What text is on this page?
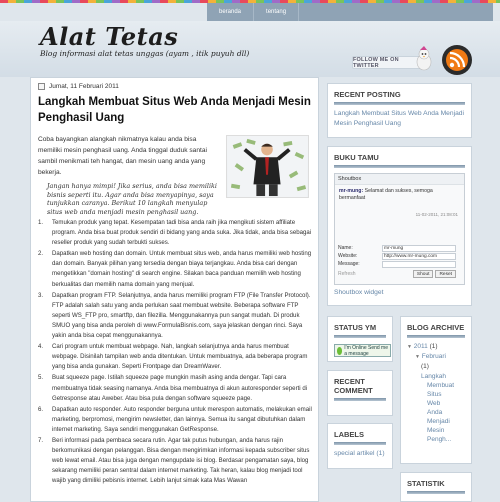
beranda	tentang
Alat Tetas
Blog informasi alat tetas unggas (ayam , itik puyuh dll)
FOLLOW ME ON TWITTER
Jumat, 11 Februari 2011
Langkah Membuat Situs Web Anda Menjadi Mesin Penghasil Uang
Coba bayangkan alangkah nikmatnya kalau anda bisa memiliki mesin penghasil uang. Anda tinggal duduk santai sambil menikmati teh hangat, dan mesin uang anda yang bekerja.
Jangan hanya mimpi! Jika serius, anda bisa memiliki bisnis seperti itu. Agar anda bisa menyapinya, saya tunjukkan caranya. Berikut 10 langkah menyulap situs web anda menjadi mesin penghasil uang.
1.	Temukan produk yang tepat. Kesempatan tadi bisa anda raih jika mengikuti sistem affiliate program. Anda bisa buat produk sendiri di bidang yang anda suka. Jika tidak, anda bisa sebagai reseller produk yang sudah terbukti sukses.
2.	Dapatkan web hosting dan domain. Untuk membuat situs web, anda harus memiliki web hosting dan domain. Banyak pilihan yang tersedia dengan biaya terjangkau. Anda bisa cari dengan mengetikkan "domain hosting" di search engine. Silakan baca panduan memilih web hosting berkualitas dan memilih nama domain yang menjual.
3.	Dapatkan program FTP. Selanjutnya, anda harus memiliki program FTP (File Transfer Protocol). FTP adalah salah satu yang anda perlukan saat membuat website. Beberapa software FTP seperti WS_FTP pro, smartftp, dan filezilla. Menggunakannya pun sangat mudah. Di produk SMUO yang bisa anda peroleh di www.FormulaBisnis.com, saya jelaskan dengan rinci. Saya yakin anda bisa cepat menggunakannya.
4.	Cari program untuk membuat webpage. Nah, langkah selanjutnya anda harus membuat webpage. Disinilah tampilan web anda ditentukan. Untuk membuatnya, ada beberapa program yang bisa anda gunakan. Seperti Frontpage dan DreamWaver.
5.	Buat squeeze page. Istilah squeeze page mungkin masih asing anda dengar. Tapi cara membuatnya tidak seasing namanya. Anda bisa membuatnya di akun autoresponder seperti di Getresponse atau Aweber. Atau bisa pula dengan software squeeze page.
6.	Dapatkan auto responder. Auto responder berguna untuk merespon automatis, melakukan email marketing, berpromosi, mengirim newsletter, dan lainnya. Semua itu sangat dibutuhkan dalam internet marketing. Saya sendiri menggunakan GetResponse.
7.	Beri informasi pada pembaca secara rutin. Agar tak putus hubungan, anda harus rajin berkomunikasi dengan pelanggan. Bisa dengan mengirimkan informasi kepada subscriber situs web lewat email. Atau bisa juga dengan mengupdate isi blog. Berdasar pengamatan saya, blog sekarang memiliki peran sentral dalam internet marketing. Tak heran, kalau blog menjadi tool wajib yang dimiliki pebisnis internet. Lebih lanjut simak kata Mas Wawan
RECENT POSTING
Langkah Membuat Situs Web Anda Menjadi Mesin Penghasil Uang
BUKU TAMU
Shoutbox
mr-mung: Selamat dan sukses, semoga bermanfaat
11-02-2011, 21:08:01
Name:	mr-mung
Website:	http://www.mr-mung.com
Message:
Refresh	Shout	Reset
Shoutbox widget
STATUS YM
I'm Online Send me a message
RECENT COMMENT
LABELS
special artikel (1)
BLOG ARCHIVE
▼ 2011 (1)
▼ Februari
(1)
Langkah
Membuat
Situs
Web
Anda
Menjadi
Mesin
Pengh...
STATISTIK
